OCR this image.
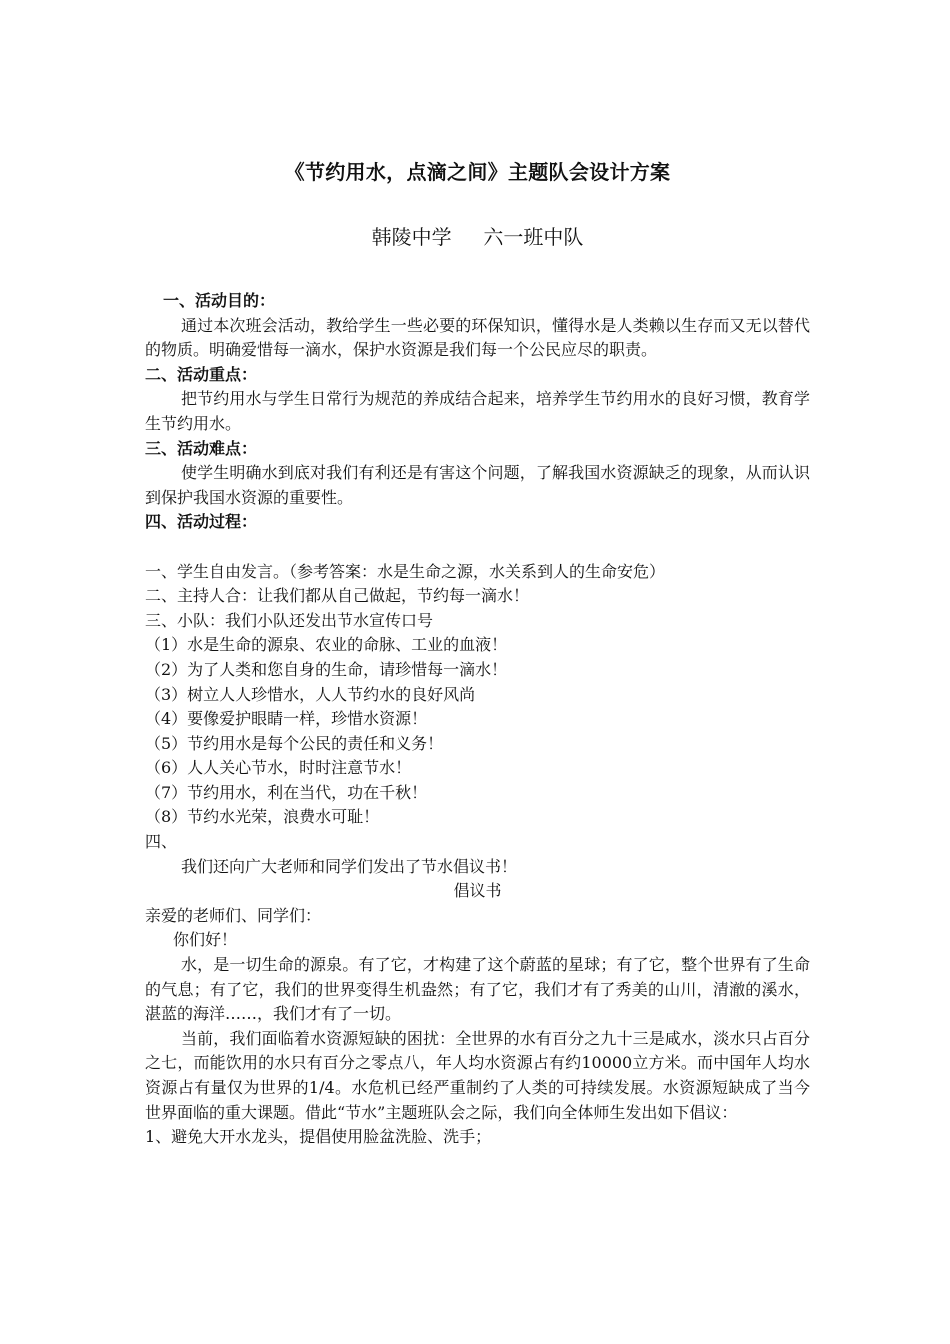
《节约用水，点滴之间》主题队会设计方案

韩陵中学     六一班中队

一、活动目的：

通过本次班会活动，教给学生一些必要的环保知识，懂得水是人类赖以生存而又无以替代的物质。明确爱惜每一滴水，保护水资源是我们每一个公民应尽的职责。

二、活动重点：

把节约用水与学生日常行为规范的养成结合起来，培养学生节约用水的良好习惯，教育学生节约用水。

三、活动难点：

使学生明确水到底对我们有利还是有害这个问题，了解我国水资源缺乏的现象，从而认识到保护我国水资源的重要性。

四、活动过程：

一、学生自由发言。（参考答案：水是生命之源，水关系到人的生命安危）

二、主持人合：让我们都从自己做起，节约每一滴水！

三、小队：我们小队还发出节水宣传口号

（1）水是生命的源泉、农业的命脉、工业的血液！

（2）为了人类和您自身的生命，请珍惜每一滴水！

（3）树立人人珍惜水，人人节约水的良好风尚

（4）要像爱护眼睛一样，珍惜水资源！

（5）节约用水是每个公民的责任和义务！

（6）人人关心节水，时时注意节水！

（7）节约用水，利在当代，功在千秋！

（8）节约水光荣，浪费水可耻！

四、

我们还向广大老师和同学们发出了节水倡议书！

倡议书

亲爱的老师们、同学们：

你们好！

水，是一切生命的源泉。有了它，才构建了这个蔚蓝的星球；有了它，整个世界有了生命的气息；有了它，我们的世界变得生机盎然；有了它，我们才有了秀美的山川，清澈的溪水，湛蓝的海洋……，我们才有了一切。

当前，我们面临着水资源短缺的困扰：全世界的水有百分之九十三是咸水，淡水只占百分之七，而能饮用的水只有百分之零点八，年人均水资源占有约10000立方米。而中国年人均水资源占有量仅为世界的1/4。水危机已经严重制约了人类的可持续发展。水资源短缺成了当今世界面临的重大课题。借此“节水”主题班队会之际，我们向全体师生发出如下倡议：

1、避免大开水龙头，提倡使用脸盆洗脸、洗手；
